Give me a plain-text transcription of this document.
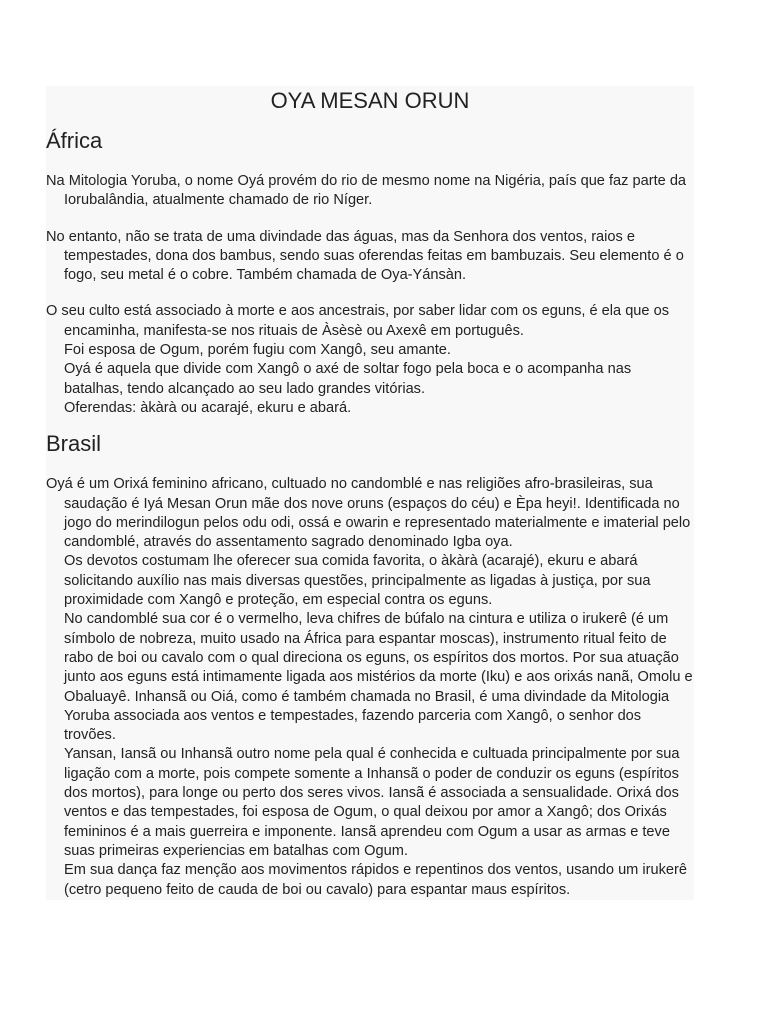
OYA MESAN ORUN
África

Na Mitologia Yoruba, o nome Oyá provém do rio de mesmo nome na Nigéria, país que faz parte da Iorubalândia, atualmente chamado de rio Níger.

No entanto, não se trata de uma divindade das águas, mas da Senhora dos ventos, raios e tempestades, dona dos bambus, sendo suas oferendas feitas em bambuzais. Seu elemento é o fogo, seu metal é o cobre. Também chamada de Oya-Yánsàn.

O seu culto está associado à morte e aos ancestrais, por saber lidar com os eguns, é ela que os encaminha, manifesta-se nos rituais de Àsèsè ou Axexê em português.
Foi esposa de Ogum, porém fugiu com Xangô, seu amante.
Oyá é aquela que divide com Xangô o axé de soltar fogo pela boca e o acompanha nas batalhas, tendo alcançado ao seu lado grandes vitórias.
Oferendas: àkàrà ou acarajé, ekuru e abará.

Brasil

Oyá é um Orixá feminino africano, cultuado no candomblé e nas religiões afro-brasileiras, sua saudação é Iyá Mesan Orun mãe dos nove oruns (espaços do céu) e Èpa heyi!. Identificada no jogo do merindilogun pelos odu odi, ossá e owarin e representado materialmente e imaterial pelo candomblé, através do assentamento sagrado denominado Igba oya.
Os devotos costumam lhe oferecer sua comida favorita, o àkàrà (acarajé), ekuru e abará solicitando auxílio nas mais diversas questões, principalmente as ligadas à justiça, por sua proximidade com Xangô e proteção, em especial contra os eguns.
No candomblé sua cor é o vermelho, leva chifres de búfalo na cintura e utiliza o irukerê (é um símbolo de nobreza, muito usado na África para espantar moscas), instrumento ritual feito de rabo de boi ou cavalo com o qual direciona os eguns, os espíritos dos mortos. Por sua atuação junto aos eguns está intimamente ligada aos mistérios da morte (Iku) e aos orixás nanã, Omolu e Obaluayê. Inhansã ou Oiá, como é também chamada no Brasil, é uma divindade da Mitologia Yoruba associada aos ventos e tempestades, fazendo parceria com Xangô, o senhor dos trovões.
Yansan, Iansã ou Inhansã outro nome pela qual é conhecida e cultuada principalmente por sua ligação com a morte, pois compete somente a Inhansã o poder de conduzir os eguns (espíritos dos mortos), para longe ou perto dos seres vivos. Iansã é associada a sensualidade. Orixá dos ventos e das tempestades, foi esposa de Ogum, o qual deixou por amor a Xangô; dos Orixás femininos é a mais guerreira e imponente. Iansã aprendeu com Ogum a usar as armas e teve suas primeiras experiencias em batalhas com Ogum.
Em sua dança faz menção aos movimentos rápidos e repentinos dos ventos, usando um irukerê (cetro pequeno feito de cauda de boi ou cavalo) para espantar maus espíritos.
